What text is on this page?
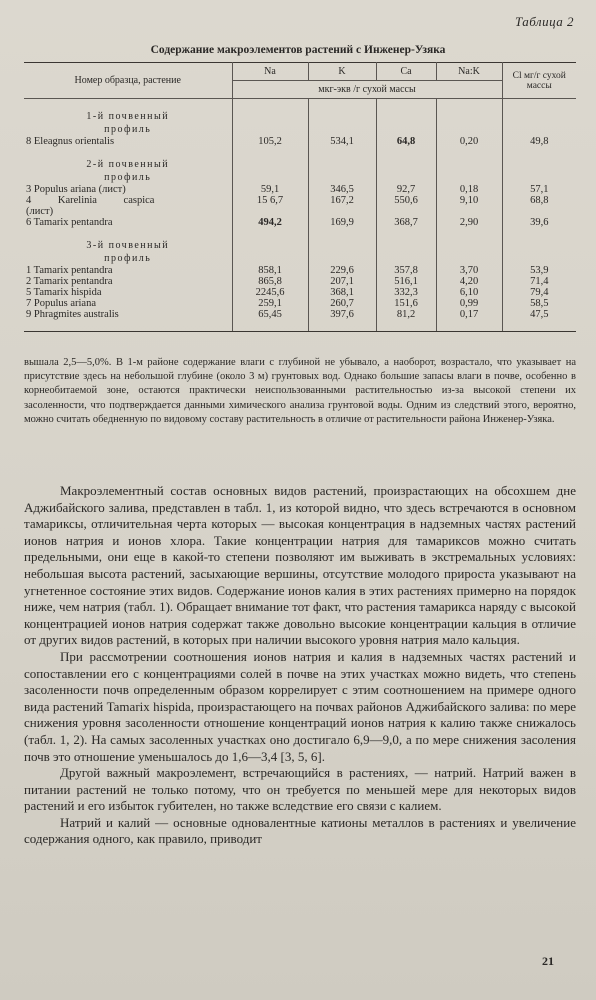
Таблица 2
Содержание макроэлементов растений с Инженер-Узяка
Номер образца, растение	Na	K	Ca	Na:K	Cl мг/г сухой массы
	мкг-экв /г сухой массы				

1-й почвенный профиль					
8 Eleagnus orientalis	105,2	534,1	64,8	0,20	49,8

2-й почвенный профиль					
3 Populus ariana (лист)	59,1	346,5	92,7	0,18	57,1
4 Karelinia caspica	15 6,7	167,2	550,6	9,10	68,8
(лист)					
6 Tamarix pentandra	494,2	169,9	368,7	2,90	39,6

3-й почвенный профиль					
1 Tamarix pentandra	858,1	229,6	357,8	3,70	53,9
2 Tamarix pentandra	865,8	207,1	516,1	4,20	71,4
5 Tamarix hispida	2245,6	368,1	332,3	6,10	79,4
7 Populus ariana	259,1	260,7	151,6	0,99	58,5
9 Phragmites australis	65,45	397,6	81,2	0,17	47,5

вышала 2,5—5,0%. В 1-м районе содержание влаги с глубиной не убывало, а наоборот, возрастало, что указывает на присутствие здесь на небольшой глубине (около 3 м) грунтовых вод. Однако большие запасы влаги в почве, особенно в корнеобитаемой зоне, остаются практически неиспользованными растительностью из-за высокой степени их засоленности, что подтверждается данными химического анализа грунтовой воды. Одним из следствий этого, вероятно, можно считать обедненную по видовому составу растительность в отличие от растительности района Инженер-Узяка.

Макроэлементный состав основных видов растений, произрастающих на обсохшем дне Аджибайского залива, представлен в табл. 1, из которой видно, что здесь встречаются в основном тамариксы, отличительная черта которых — высокая концентрация в надземных частях растений ионов натрия и ионов хлора. Такие концентрации натрия для тамариксов можно считать предельными, они еще в какой-то степени позволяют им выживать в экстремальных условиях: небольшая высота растений, засыхающие вершины, отсутствие молодого прироста указывают на угнетенное состояние этих видов. Содержание ионов калия в этих растениях примерно на порядок ниже, чем натрия (табл. 1). Обращает внимание тот факт, что растения тамарикса наряду с высокой концентрацией ионов натрия содержат также довольно высокие концентрации кальция в отличие от других видов растений, в которых при наличии высокого уровня натрия мало кальция.

При рассмотрении соотношения ионов натрия и калия в надземных частях растений и сопоставлении его с концентрациями солей в почве на этих участках можно видеть, что степень засоленности почв определенным образом коррелирует с этим соотношением на примере одного вида растений Tamarix hispida, произрастающего на почвах районов Аджибайского залива: по мере снижения уровня засоленности отношение концентраций ионов натрия к калию также снижалось (табл. 1, 2). На самых засоленных участках оно достигало 6,9—9,0, а по мере снижения засоления почв это отношение уменьшалось до 1,6—3,4 [3, 5, 6].

Другой важный макроэлемент, встречающийся в растениях, — натрий. Натрий важен в питании растений не только потому, что он требуется по меньшей мере для некоторых видов растений и его избыток губителен, но также вследствие его связи с калием.

Натрий и калий — основные одновалентные катионы металлов в растениях и увеличение содержания одного, как правило, приводит

21
